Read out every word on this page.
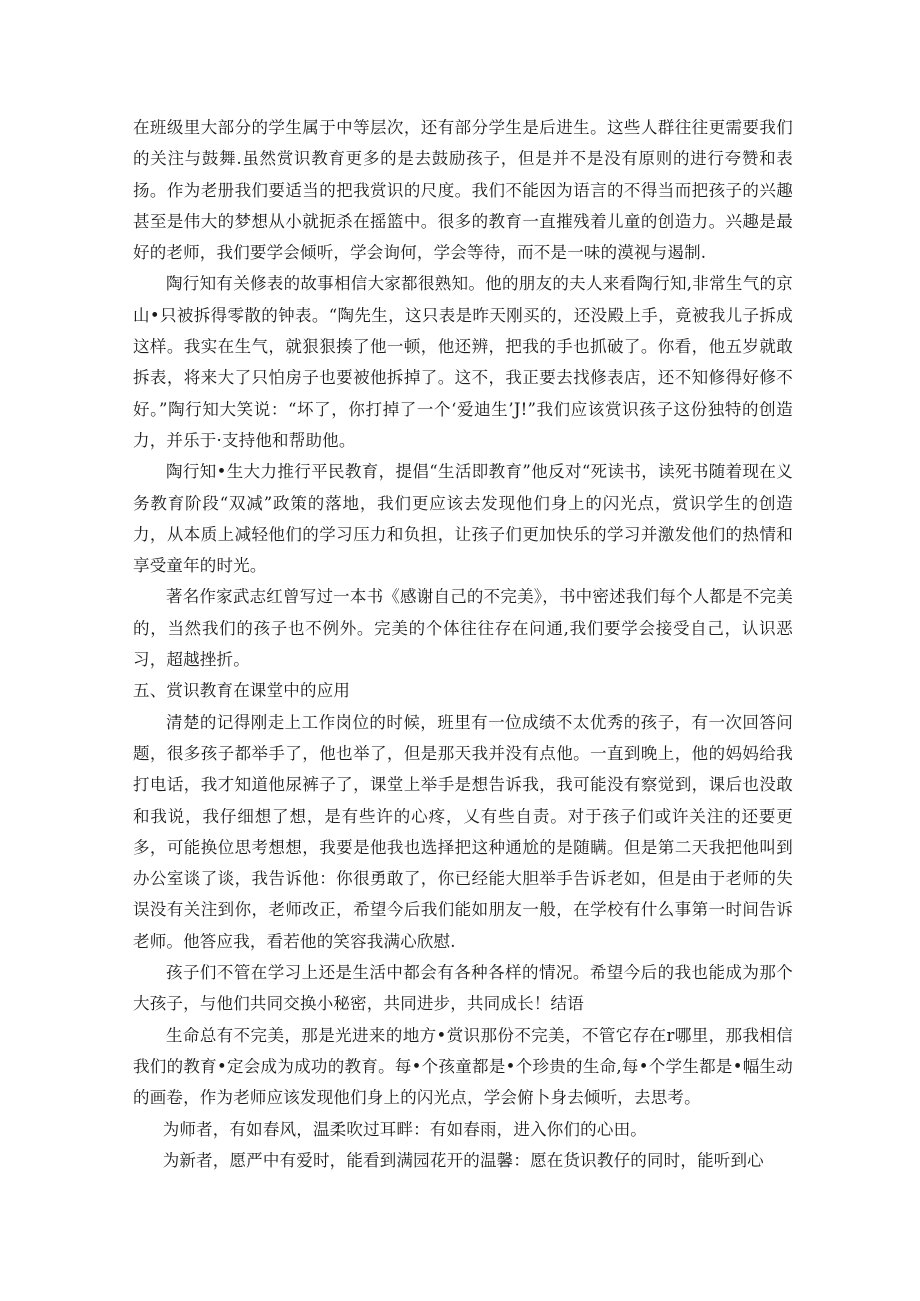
在班级里大部分的学生属于中等层次，还有部分学生是后进生。这些人群往往更需要我们的关注与鼓舞.虽然赏识教育更多的是去鼓励孩子，但是并不是没有原则的进行夸赞和表扬。作为老册我们要适当的把我赏识的尺度。我们不能因为语言的不得当而把孩子的兴趣甚至是伟大的梦想从小就扼杀在摇篮中。很多的教育一直摧残着儿童的创造力。兴趣是最好的老师，我们要学会倾听，学会询何，学会等待，而不是一味的漠视与遏制.

陶行知有关修表的故事相信大家都很熟知。他的朋友的夫人来看陶行知,非常生气的京山•只被拆得零散的钟表。“陶先生，这只表是昨天刚买的，还没殿上手，竟被我儿子拆成这样。我实在生气，就狠狠揍了他一顿，他还辨，把我的手也抓破了。你看，他五岁就敢拆表，将来大了只怕房子也要被他拆掉了。这不，我正要去找修表店，还不知修得好修不好。”陶行知大笑说：“坏了，你打掉了一个‘爱迪生’J!”我们应该赏识孩子这份独特的创造力，并乐于·支持他和帮助他。

陶行知•生大力推行平民教育，提倡“生活即教育”他反对“死读书，读死书随着现在义务教育阶段“双减”政策的落地，我们更应该去发现他们身上的闪光点，赏识学生的创造力，从本质上减轻他们的学习压力和负担，让孩子们更加快乐的学习并激发他们的热情和享受童年的时光。

著名作家武志红曾写过一本书《感谢自己的不完美》，书中密述我们每个人都是不完美的，当然我们的孩子也不例外。完美的个体往往存在问通,我们要学会接受自己，认识恶习，超越挫折。

五、赏识教育在课堂中的应用

清楚的记得刚走上工作岗位的时候，班里有一位成绩不太优秀的孩子，有一次回答问题，很多孩子都举手了，他也举了，但是那天我并没有点他。一直到晚上，他的妈妈给我打电话，我才知道他尿裤子了，课堂上举手是想告诉我，我可能没有察觉到，课后也没敢和我说，我仔细想了想，是有些许的心疼，乂有些自责。对于孩子们或许关注的还要更多，可能换位思考想想，我要是他我也选择把这种通尬的是随瞒。但是第二天我把他叫到办公室谈了谈，我告诉他：你很勇敢了，你已经能大胆举手告诉老如，但是由于老师的失误没有关注到你，老师改正，希望今后我们能如朋友一般，在学校有什么事第一时间告诉老师。他答应我，看若他的笑容我满心欣慰.

孩子们不管在学习上还是生活中都会有各种各样的情况。希望今后的我也能成为那个大孩子，与他们共同交换小秘密，共同进步，共同成长！结语

生命总有不完美，那是光进来的地方•赏识那份不完美，不管它存在r哪里，那我相信我们的教育•定会成为成功的教育。每•个孩童都是•个珍贵的生命,每•个学生都是•幅生动的画卷，作为老师应该发现他们身上的闪光点，学会俯卜身去倾听，去思考。

为师者，有如春风，温柔吹过耳畔：有如春雨，进入你们的心田。

为新者，愿严中有爱时，能看到满园花开的温馨：愿在货识教仔的同时，能听到心
